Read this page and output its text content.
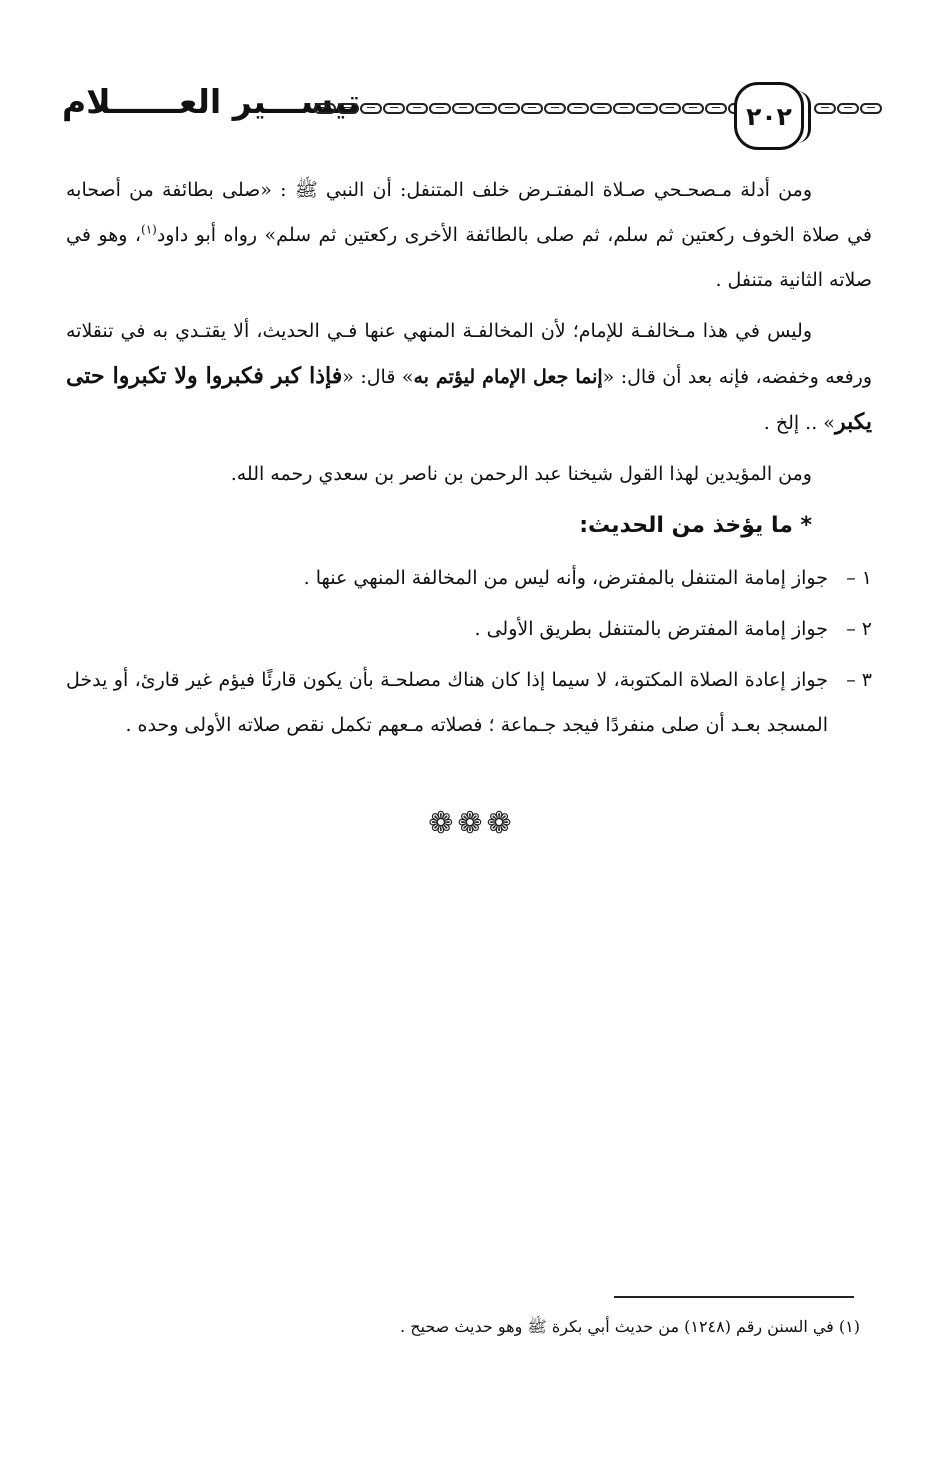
تيســـير العــــــلام	٢٠٢

ومن أدلة مـصحـحي صـلاة المفتـرض خلف المتنفل: أن النبي ﷺ : «صلى بطائفة من أصحابه في صلاة الخوف ركعتين ثم سلم، ثم صلى بالطائفة الأخرى ركعتين ثم سلم» رواه أبو داود$^{(١)}$، وهو في صلاته الثانية متنفل .

وليس في هذا مـخالفـة للإمام؛ لأن المخالفـة المنهي عنها فـي الحديث، ألا يقتـدي به في تنقلاته ورفعه وخفضه، فإنه بعد أن قال: «إنما جعل الإمام ليؤتم به» قال: «فإذا كبر فكبروا ولا تكبروا حتى يكبر» .. إلخ .

ومن المؤيدين لهذا القول شيخنا عبد الرحمن بن ناصر بن سعدي رحمه الله.

* ما يؤخذ من الحديث:

١ –
جواز إمامة المتنفل بالمفترض، وأنه ليس من المخالفة المنهي عنها .
٢ –
جواز إمامة المفترض بالمتنفل بطريق الأولى .
٣ –
جواز إعادة الصلاة المكتوبة، لا سيما إذا كان هناك مصلحـة بأن يكون قارئًا فيؤم غير قارئ، أو يدخل المسجد بعـد أن صلى منفردًا فيجد جـماعة ؛ فصلاته مـعهم تكمل نقص صلاته الأولى وحده .
❁❁❁
(١) في السنن رقم (١٢٤٨) من حديث أبي بكرة ﷺ وهو حديث صحيح .
